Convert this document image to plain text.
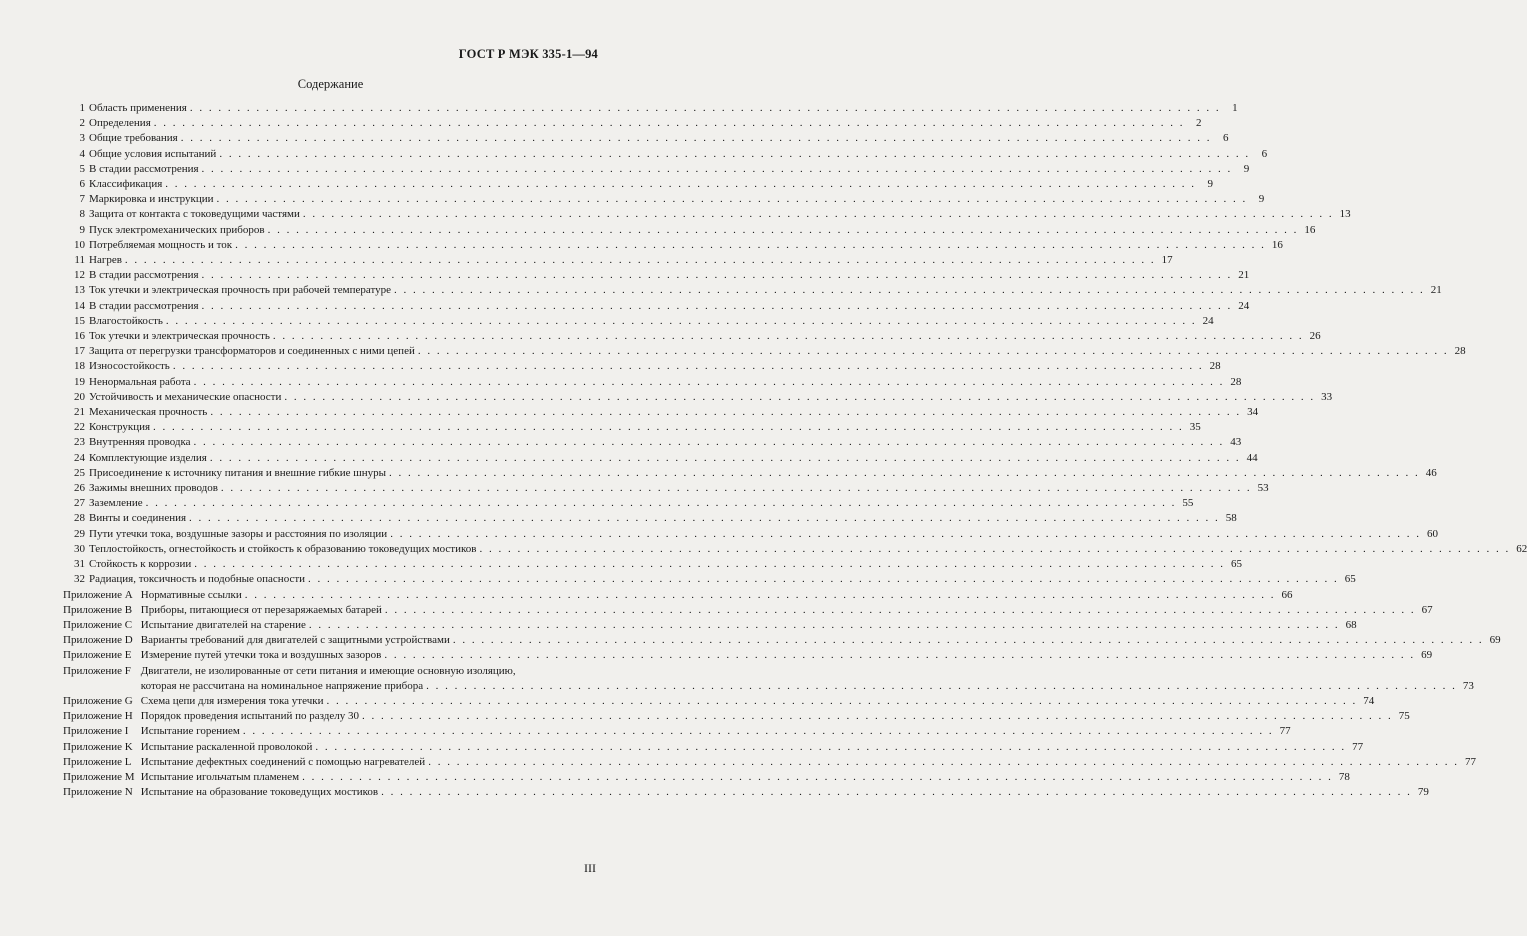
ГОСТ Р МЭК 335-1—94
Содержание
1 Область применения . . .	1
2 Определения . . .	2
3 Общие требования . . .	6
4 Общие условия испытаний . . .	6
5 В стадии рассмотрения . . .	9
6 Классификация . . .	9
7 Маркировка и инструкции . . .	9
8 Защита от контакта с токоведущими частями . . .	13
9 Пуск электромеханических приборов . . .	16
10 Потребляемая мощность и ток . . .	16
11 Нагрев . . .	17
12 В стадии рассмотрения . . .	21
13 Ток утечки и электрическая прочность при рабочей температуре . . .	21
14 В стадии рассмотрения . . .	24
15 Влагостойкость . . .	24
16 Ток утечки и электрическая прочность . . .	26
17 Защита от перегрузки трансформаторов и соединенных с ними цепей . . .	28
18 Износостойкость . . .	28
19 Ненормальная работа . . .	28
20 Устойчивость и механические опасности . . .	33
21 Механическая прочность . . .	34
22 Конструкция . . .	35
23 Внутренняя проводка . . .	43
24 Комплектующие изделия . . .	44
25 Присоединение к источнику питания и внешние гибкие шнуры . . .	46
26 Зажимы внешних проводов . . .	53
27 Заземление . . .	55
28 Винты и соединения . . .	58
29 Пути утечки тока, воздушные зазоры и расстояния по изоляции . . .	60
30 Теплостойкость, огнестойкость и стойкость к образованию токоведущих мостиков . . .	62
31 Стойкость к коррозии . . .	65
32 Радиация, токсичность и подобные опасности . . .	65
Приложение A Нормативные ссылки . . .	66
Приложение B Приборы, питающиеся от перезаряжаемых батарей . . .	67
Приложение C Испытание двигателей на старение . . .	68
Приложение D Варианты требований для двигателей с защитными устройствами . . .	69
Приложение E Измерение путей утечки тока и воздушных зазоров . . .	69
Приложение F Двигатели, не изолированные от сети питания и имеющие основную изоляцию,
которая не рассчитана на номинальное напряжение прибора . . .	73
Приложение G Схема цепи для измерения тока утечки . . .	74
Приложение H Порядок проведения испытаний по разделу 30 . . .	75
Приложение I	Испытание горением . . .	77
Приложение K Испытание раскаленной проволокой . . .	77
Приложение L Испытание дефектных соединений с помощью нагревателей . . .	77
Приложение M Испытание игольчатым пламенем . . .	78
Приложение N Испытание на образование токоведущих мостиков . . .	79
III
